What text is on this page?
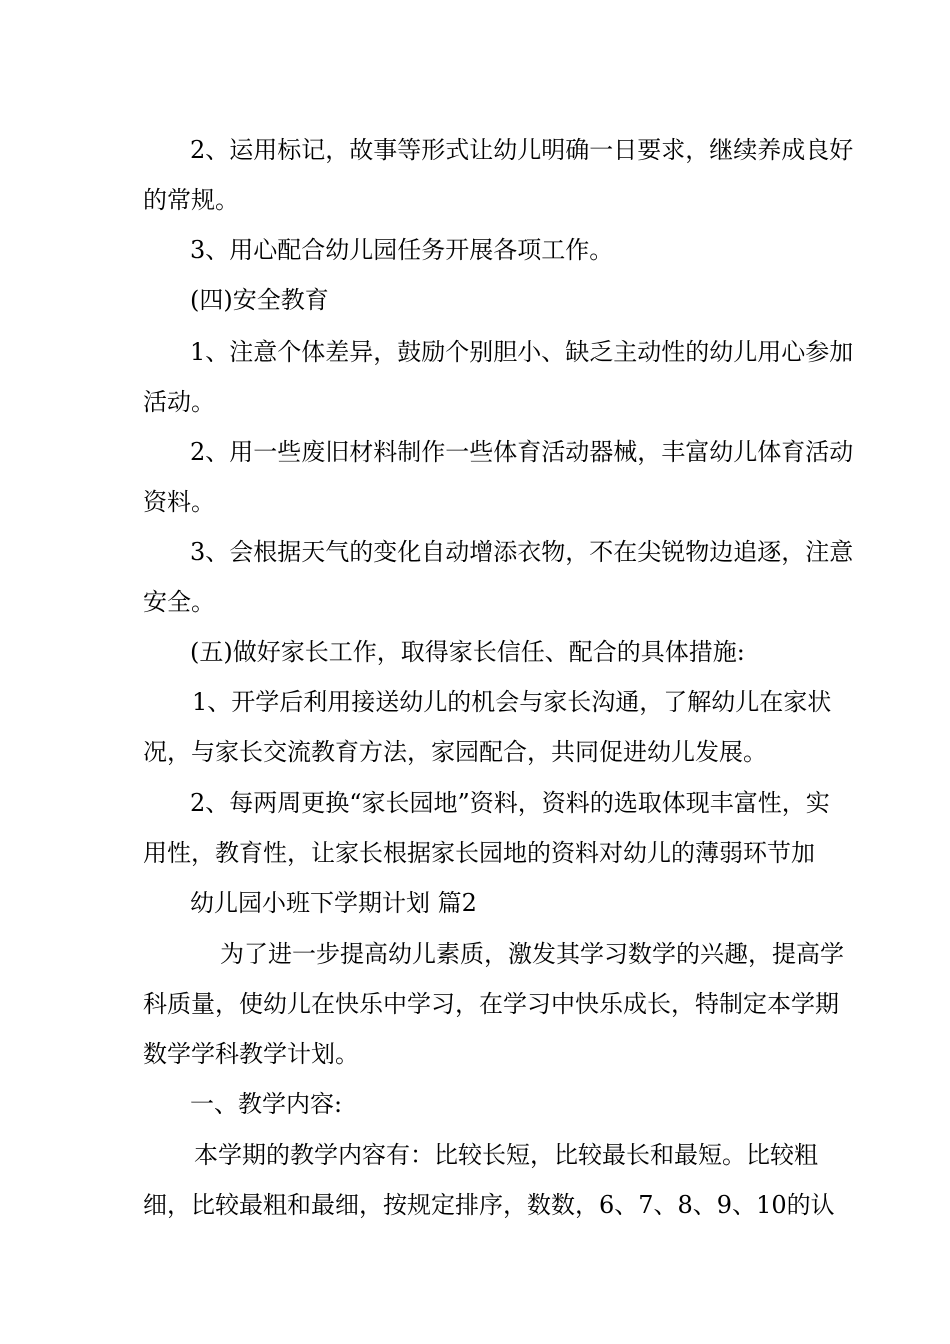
2、运用标记，故事等形式让幼儿明确一日要求，继续养成良好
的常规。
3、用心配合幼儿园任务开展各项工作。
(四)安全教育
1、注意个体差异，鼓励个别胆小、缺乏主动性的幼儿用心参加
活动。
2、用一些废旧材料制作一些体育活动器械，丰富幼儿体育活动
资料。
3、会根据天气的变化自动增添衣物，不在尖锐物边追逐，注意
安全。
(五)做好家长工作，取得家长信任、配合的具体措施:
1、开学后利用接送幼儿的机会与家长沟通，了解幼儿在家状
况，与家长交流教育方法，家园配合，共同促进幼儿发展。
2、每两周更换“家长园地”资料，资料的选取体现丰富性，实
用性，教育性，让家长根据家长园地的资料对幼儿的薄弱环节加
幼儿园小班下学期计划 篇2
为了进一步提高幼儿素质，激发其学习数学的兴趣，提高学
科质量，使幼儿在快乐中学习，在学习中快乐成长，特制定本学期
数学学科教学计划。
一、教学内容:
本学期的教学内容有：比较长短，比较最长和最短。比较粗
细，比较最粗和最细，按规定排序，数数，6、7、8、9、10的认
